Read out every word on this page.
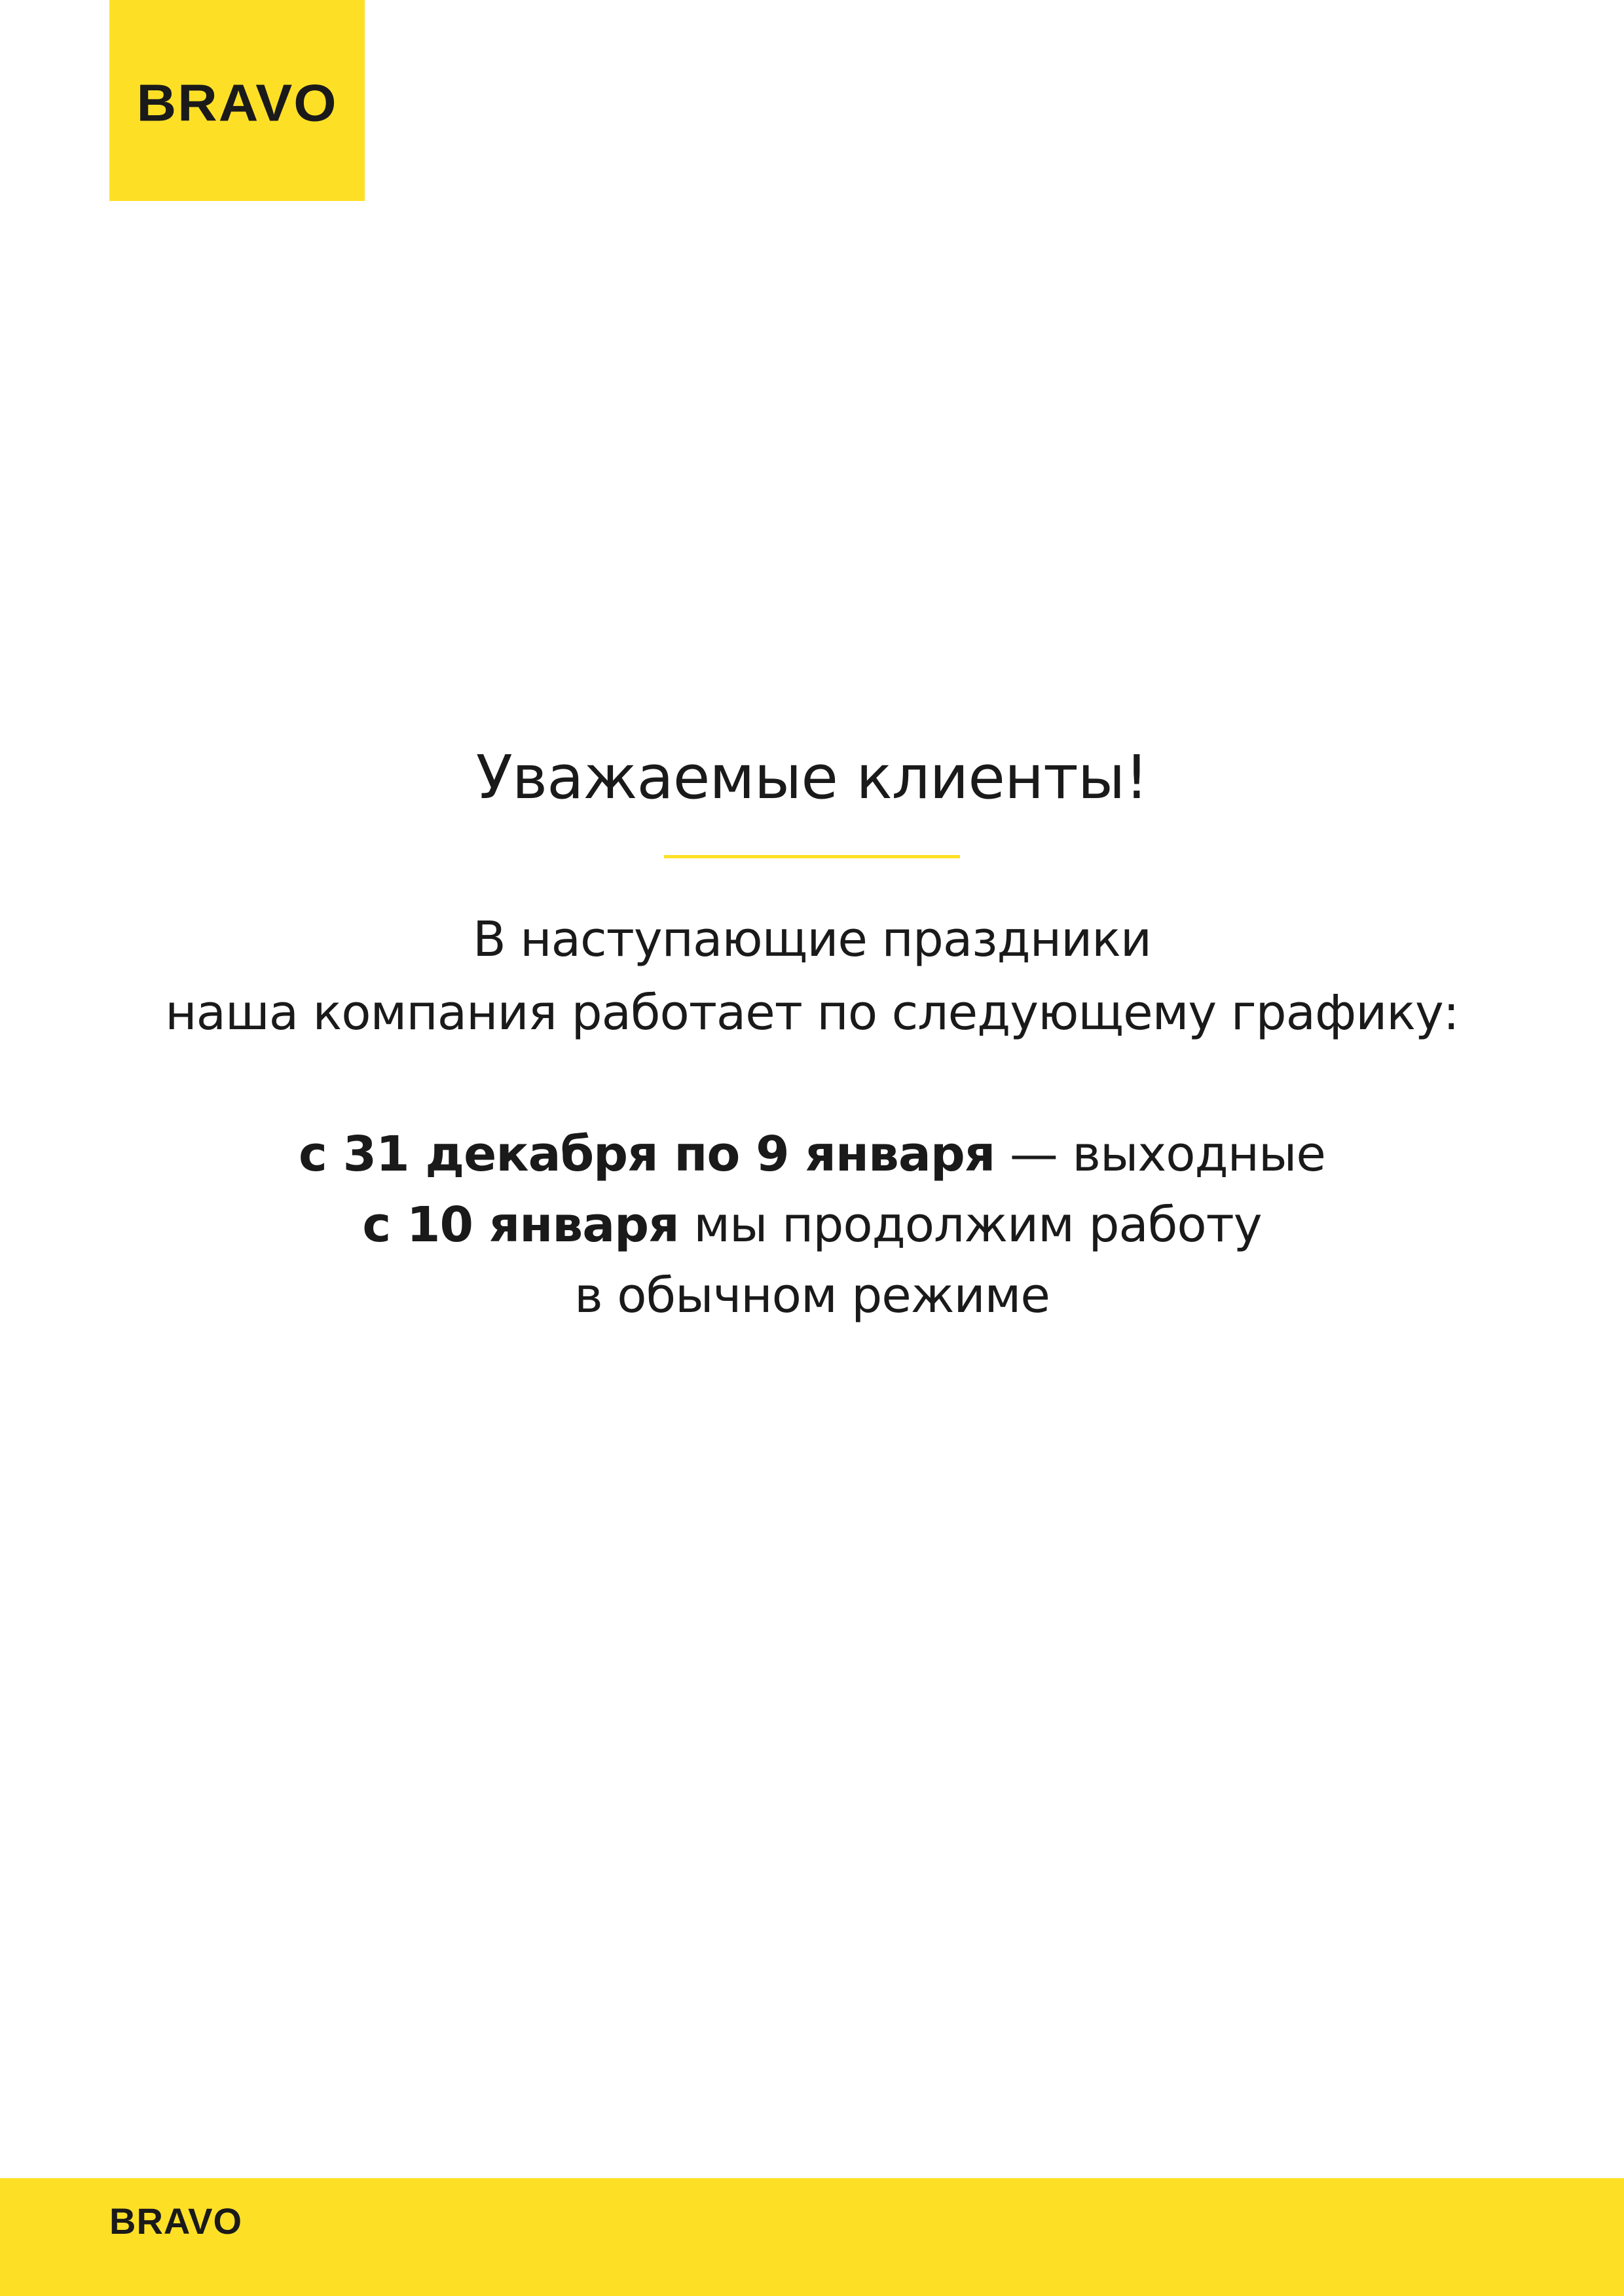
BRAVO
Уважаемые клиенты!
В наступающие праздники
наша компания работает по следующему графику:
с 31 декабря по 9 января — выходные
с 10 января мы продолжим работу
в обычном режиме
BRAVO
